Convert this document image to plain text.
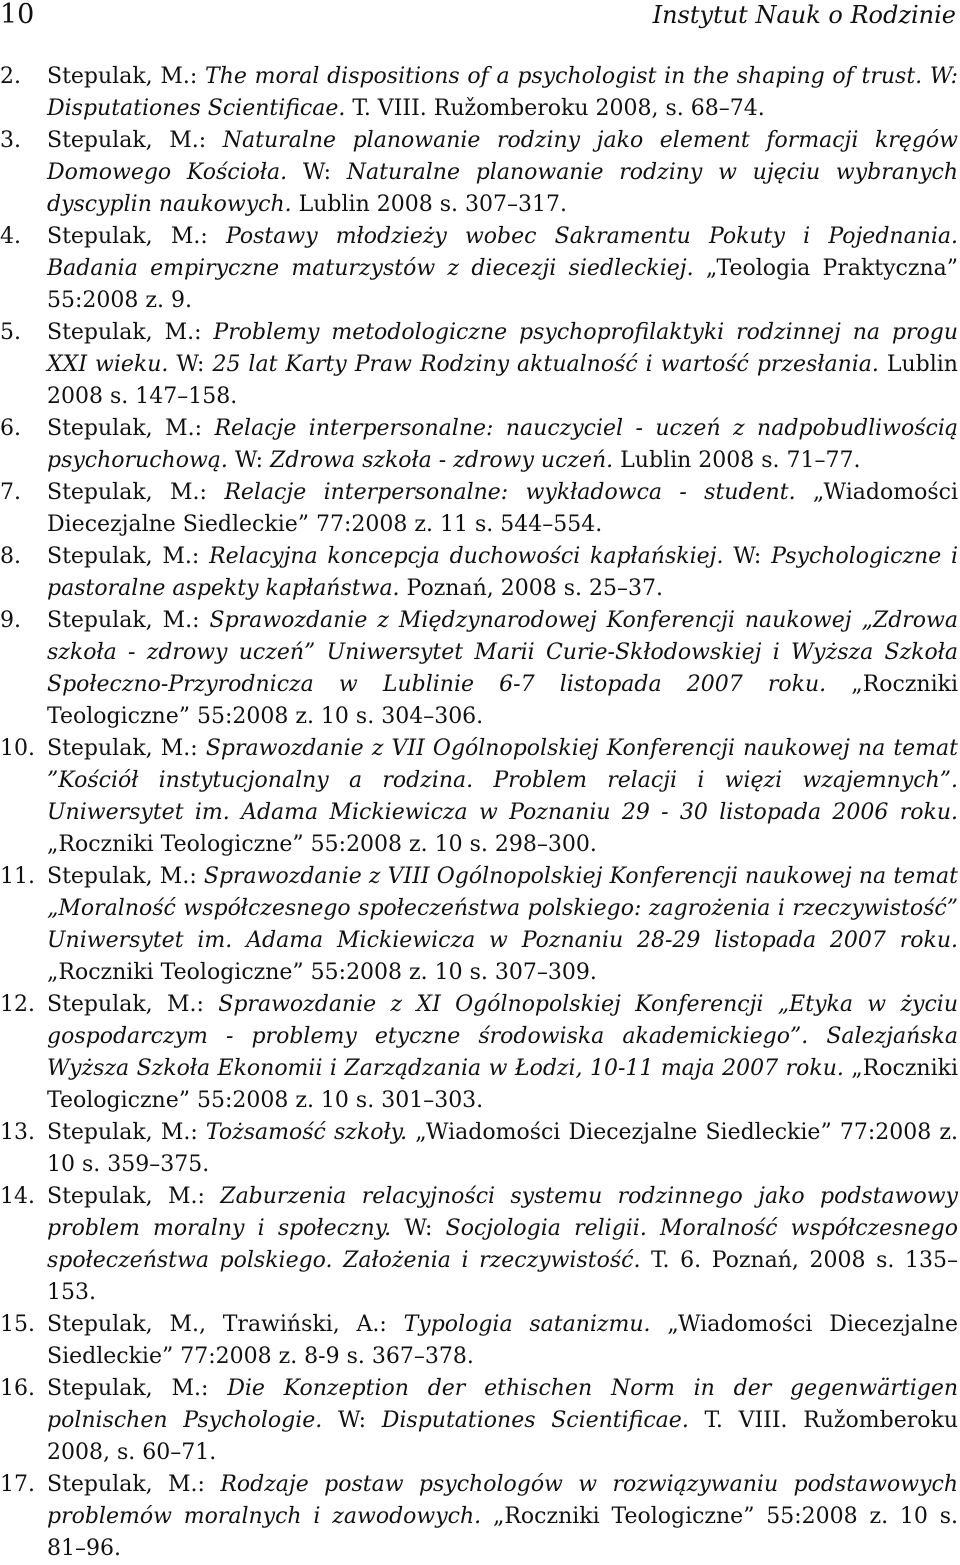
10	Instytut Nauk o Rodzinie
2. Stepulak, M.: The moral dispositions of a psychologist in the shaping of trust. W: Disputationes Scientificae. T. VIII. Ružomberoku 2008, s. 68–74.
3. Stepulak, M.: Naturalne planowanie rodziny jako element formacji kręgów Domowego Kościoła. W: Naturalne planowanie rodziny w ujęciu wybranych dyscyplin naukowych. Lublin 2008 s. 307–317.
4. Stepulak, M.: Postawy młodzieży wobec Sakramentu Pokuty i Pojednania. Badania empiryczne maturzystów z diecezji siedleckiej. „Teologia Praktyczna” 55:2008 z. 9.
5. Stepulak, M.: Problemy metodologiczne psychoprofilaktyki rodzinnej na progu XXI wieku. W: 25 lat Karty Praw Rodziny aktualność i wartość przesłania. Lublin 2008 s. 147–158.
6. Stepulak, M.: Relacje interpersonalne: nauczyciel - uczeń z nadpobudliwością psychoruchową. W: Zdrowa szkoła - zdrowy uczeń. Lublin 2008 s. 71–77.
7. Stepulak, M.: Relacje interpersonalne: wykładowca - student. „Wiadomości Diecezjalne Siedleckie” 77:2008 z. 11 s. 544–554.
8. Stepulak, M.: Relacyjna koncepcja duchowości kapłańskiej. W: Psychologiczne i pastoralne aspekty kapłaństwa. Poznań, 2008 s. 25–37.
9. Stepulak, M.: Sprawozdanie z Międzynarodowej Konferencji naukowej „Zdrowa szkoła - zdrowy uczeń” Uniwersytet Marii Curie-Skłodowskiej i Wyższa Szkoła Społeczno-Przyrodnicza w Lublinie 6-7 listopada 2007 roku. „Roczniki Teologiczne” 55:2008 z. 10 s. 304–306.
10. Stepulak, M.: Sprawozdanie z VII Ogólnopolskiej Konferencji naukowej na temat ”Kościół instytucjonalny a rodzina. Problem relacji i więzi wzajemnych”. Uniwersytet im. Adama Mickiewicza w Poznaniu 29 - 30 listopada 2006 roku. „Roczniki Teologiczne” 55:2008 z. 10 s. 298–300.
11. Stepulak, M.: Sprawozdanie z VIII Ogólnopolskiej Konferencji naukowej na temat „Moralność współczesnego społeczeństwa polskiego: zagrożenia i rzeczywistość” Uniwersytet im. Adama Mickiewicza w Poznaniu 28-29 listopada 2007 roku. „Roczniki Teologiczne” 55:2008 z. 10 s. 307–309.
12. Stepulak, M.: Sprawozdanie z XI Ogólnopolskiej Konferencji „Etyka w życiu gospodarczym - problemy etyczne środowiska akademickiego”. Salezjańska Wyższa Szkoła Ekonomii i Zarządzania w Łodzi, 10-11 maja 2007 roku. „Roczniki Teologiczne” 55:2008 z. 10 s. 301–303.
13. Stepulak, M.: Tożsamość szkoły. „Wiadomości Diecezjalne Siedleckie” 77:2008 z. 10 s. 359–375.
14. Stepulak, M.: Zaburzenia relacyjności systemu rodzinnego jako podstawowy problem moralny i społeczny. W: Socjologia religii. Moralność współczesnego społeczeństwa polskiego. Założenia i rzeczywistość. T. 6. Poznań, 2008 s. 135–153.
15. Stepulak, M., Trawiński, A.: Typologia satanizmu. „Wiadomości Diecezjalne Siedleckie” 77:2008 z. 8-9 s. 367–378.
16. Stepulak, M.: Die Konzeption der ethischen Norm in der gegenwärtigen polnischen Psychologie. W: Disputationes Scientificae. T. VIII. Ružomberoku 2008, s. 60–71.
17. Stepulak, M.: Rodzaje postaw psychologów w rozwiązywaniu podstawowych problemów moralnych i zawodowych. „Roczniki Teologiczne” 55:2008 z. 10 s. 81–96.
